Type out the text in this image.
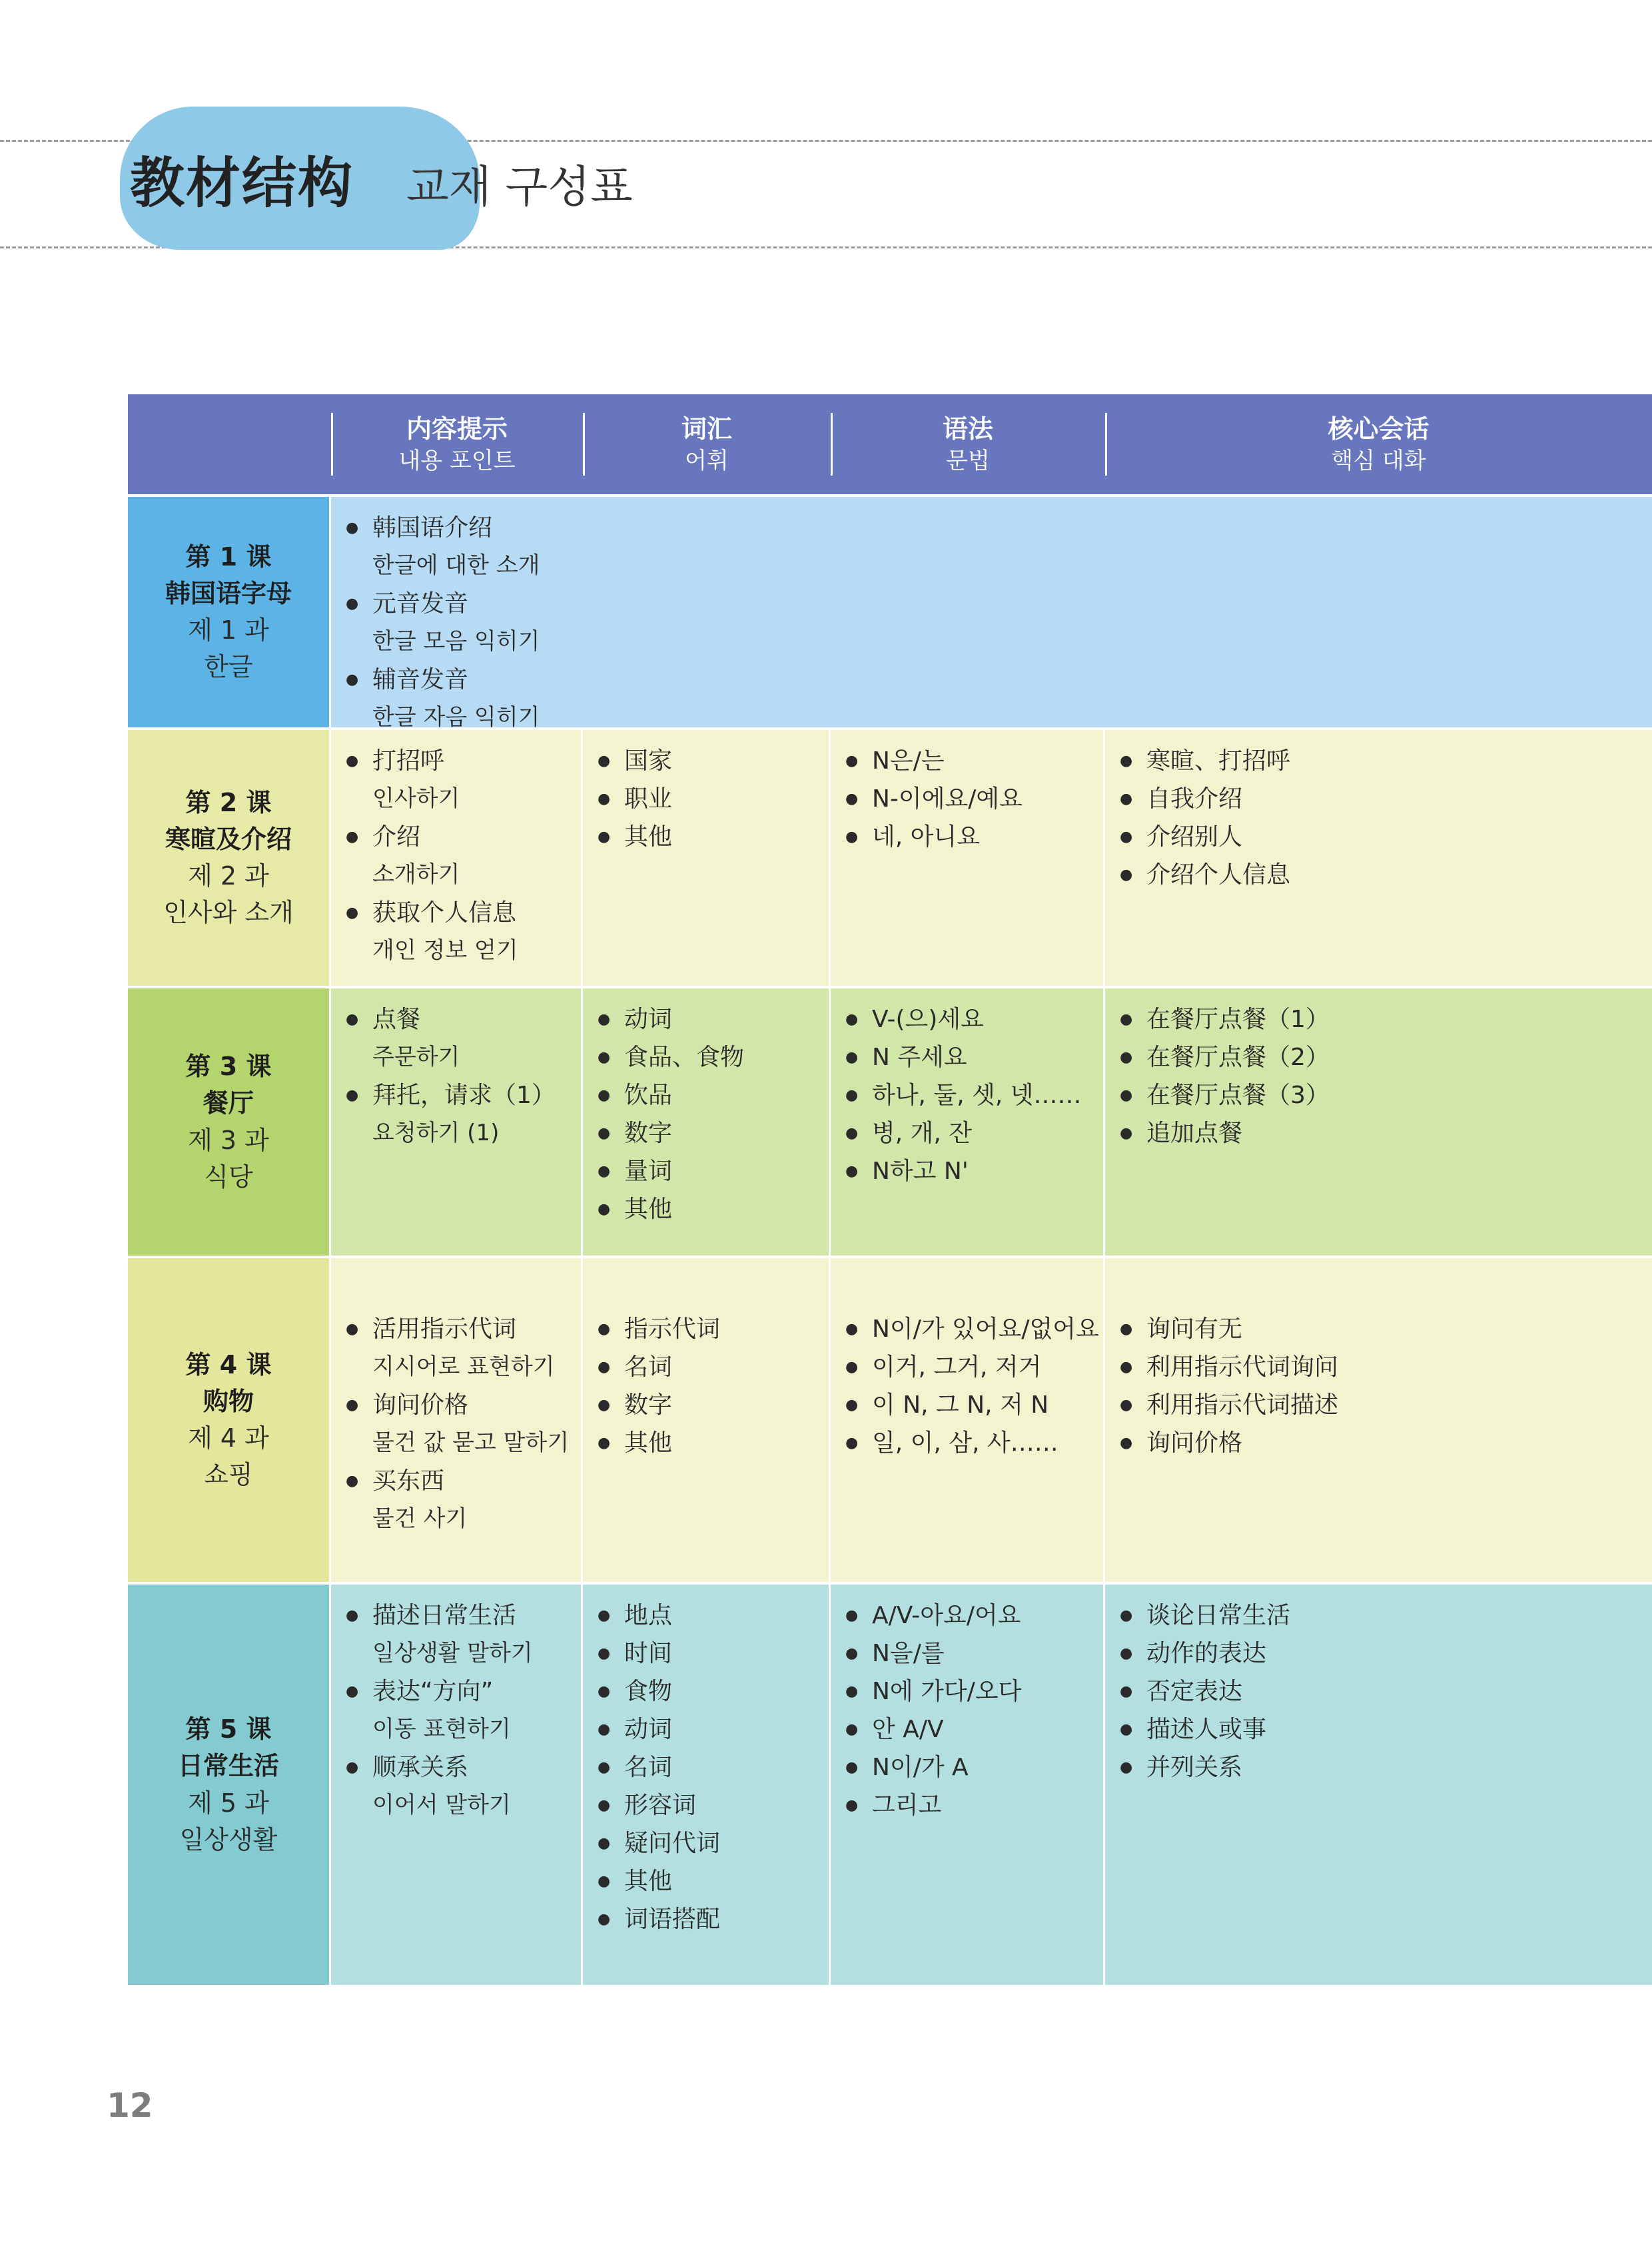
教材结构 교재 구성표
内容提示
내용 포인트
词汇
어휘
语法
문법
核心会话
핵심 대화
第 1 课
韩国语字母
제 1 과
한글
● 韩国语介绍
한글에 대한 소개
● 元音发音
한글 모음 익히기
● 辅音发音
한글 자음 익히기
第 2 课
寒暄及介绍
제 2 과
인사와 소개
● 打招呼
인사하기
● 介绍
소개하기
● 获取个人信息
개인 정보 얻기
● 国家
● 职业
● 其他
● N은/는
● N-이에요/예요
● 네, 아니요
● 寒暄、打招呼
● 自我介绍
● 介绍别人
● 介绍个人信息
第 3 课
餐厅
제 3 과
식당
● 点餐
주문하기
● 拜托，请求（1）
요청하기 (1)
● 动词
● 食品、食物
● 饮品
● 数字
● 量词
● 其他
● V-(으)세요
● N 주세요
● 하나, 둘, 셋, 넷……
● 병, 개, 잔
● N하고 N'
● 在餐厅点餐（1）
● 在餐厅点餐（2）
● 在餐厅点餐（3）
● 追加点餐
第 4 课
购物
제 4 과
쇼핑
● 活用指示代词
지시어로 표현하기
● 询问价格
물건 값 묻고 말하기
● 买东西
물건 사기
● 指示代词
● 名词
● 数字
● 其他
● N이/가 있어요/없어요
● 이거, 그거, 저거
● 이 N, 그 N, 저 N
● 일, 이, 삼, 사……
● 询问有无
● 利用指示代词询问
● 利用指示代词描述
● 询问价格
第 5 课
日常生活
제 5 과
일상생활
● 描述日常生活
일상생활 말하기
● 表达“方向”
이동 표현하기
● 顺承关系
이어서 말하기
● 地点
● 时间
● 食物
● 动词
● 名词
● 形容词
● 疑问代词
● 其他
● 词语搭配
● A/V-아요/어요
● N을/를
● N에 가다/오다
● 안 A/V
● N이/가 A
● 그리고
● 谈论日常生活
● 动作的表达
● 否定表达
● 描述人或事
● 并列关系
12
